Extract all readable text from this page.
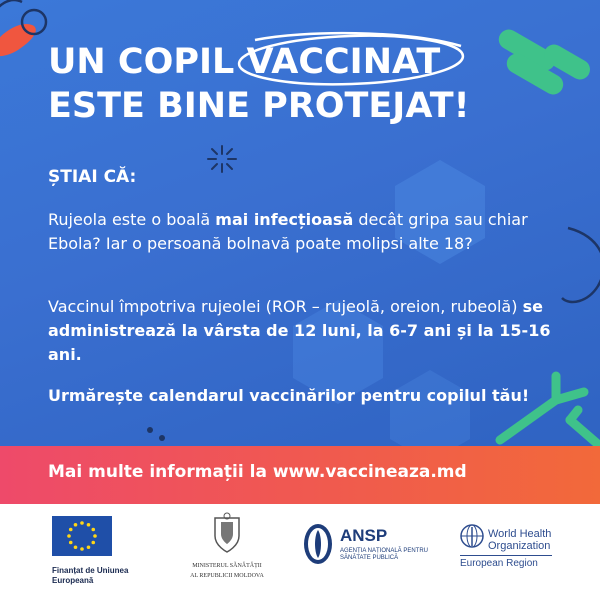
UN COPIL VACCINAT
ESTE BINE PROTEJAT!

ȘTIAI CĂ:

Rujeola este o boală mai infecțioasă decât gripa sau chiar Ebola? Iar o persoană bolnavă poate molipsi alte 18?

Vaccinul împotriva rujeolei (ROR – rujeolă, oreion, rubeolă) se administrează la vârsta de 12 luni, la 6-7 ani și la 15-16 ani.

Urmărește calendarul vaccinărilor pentru copilul tău!

Mai multe informații la www.vaccineaza.md

Finanțat de Uniunea Europeană
MINISTERUL SĂNĂTĂȚII
AL REPUBLICII MOLDOVA
ANSP
AGENȚIA NAȚIONALĂ PENTRU SĂNĂTATE PUBLICĂ
World Health
Organization
European Region
